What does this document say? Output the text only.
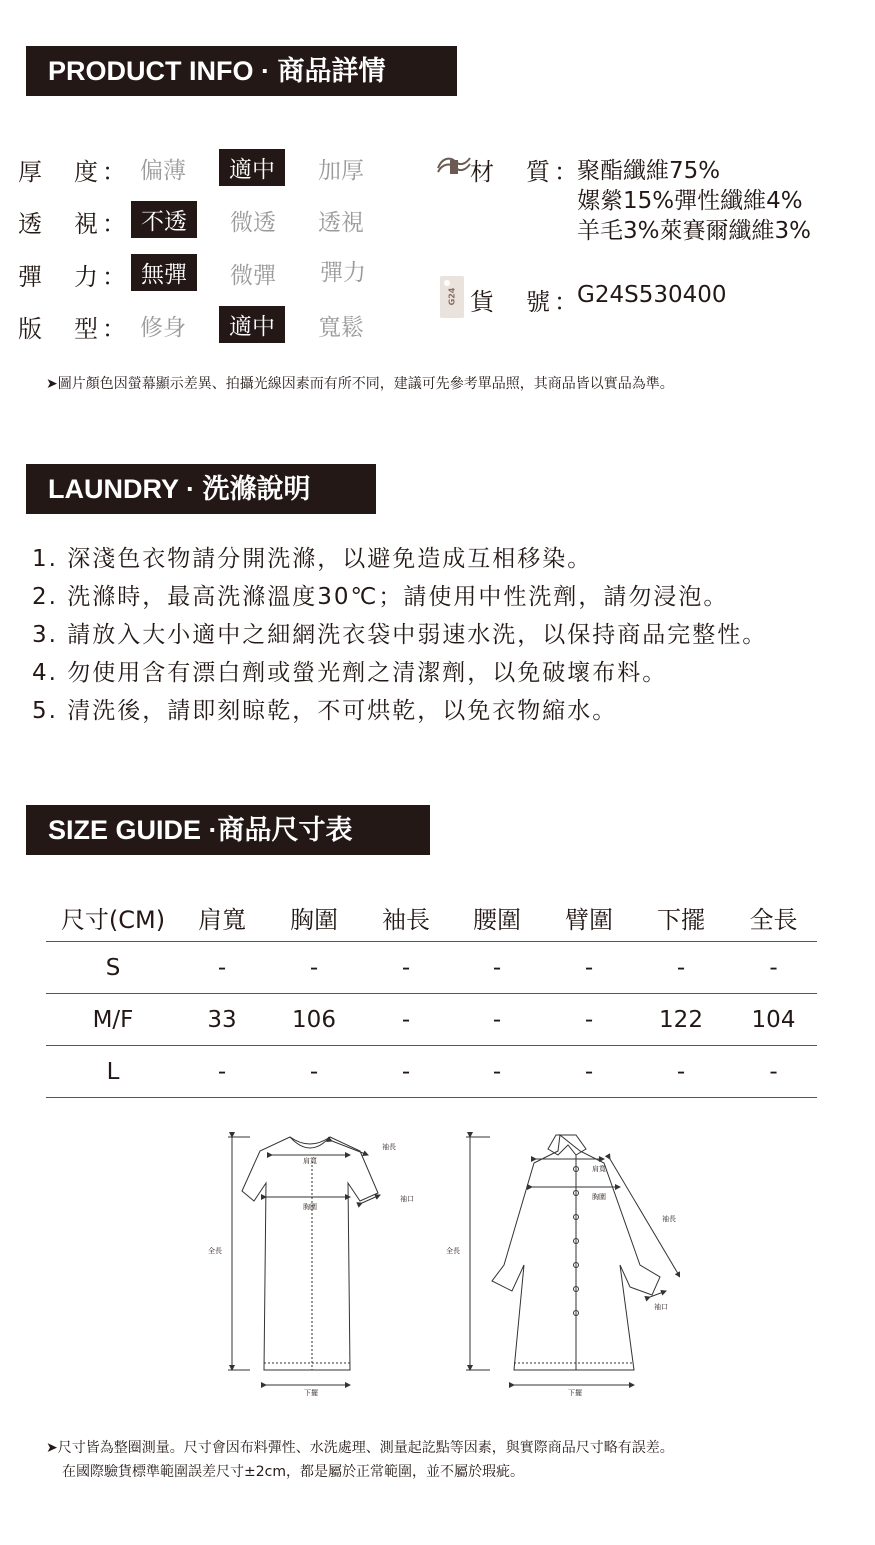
PRODUCT INFO · 商品詳情
厚　度： 偏薄	適中	加厚
透　視： 不透	微透 透視
彈　力： 無彈	微彈 彈力
版　型： 修身	適中	寬鬆
材　質：
聚酯纖維75%
嫘縈15%彈性纖維4%
羊毛3%萊賽爾纖維3%
G24 貨　號：
G24S530400
➤圖片顏色因螢幕顯示差異、拍攝光線因素而有所不同，建議可先參考單品照，其商品皆以實品為準。
LAUNDRY · 洗滌說明
1. 深淺色衣物請分開洗滌，以避免造成互相移染。
2. 洗滌時，最高洗滌溫度30℃；請使用中性洗劑，請勿浸泡。
3. 請放入大小適中之細網洗衣袋中弱速水洗，以保持商品完整性。
4. 勿使用含有漂白劑或螢光劑之清潔劑，以免破壞布料。
5. 清洗後，請即刻晾乾，不可烘乾，以免衣物縮水。
SIZE GUIDE ·商品尺寸表
尺寸(CM)	肩寬	胸圍	袖長	腰圍	臂圍	下擺	全長
S	-	-	-	-	-	-	-
M/F	33	106	-	-	-	122	104
L	-	-	-	-	-	-	-
袖長
肩寬
袖口
胸圍
全長
下擺
肩寬
胸圍
袖長
袖口
全長
下擺
➤尺寸皆為整圈測量。尺寸會因布料彈性、水洗處理、測量起訖點等因素，與實際商品尺寸略有誤差。
在國際驗貨標準範圍誤差尺寸±2cm，都是屬於正常範圍，並不屬於瑕疵。
